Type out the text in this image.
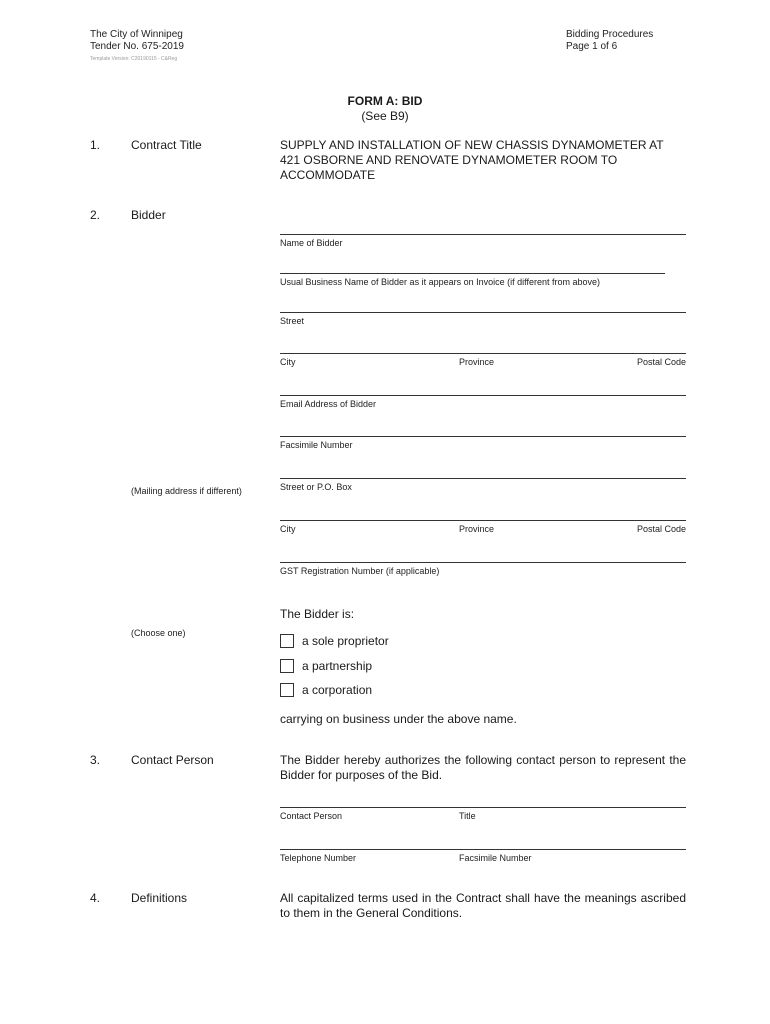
The City of Winnipeg
Tender No. 675-2019
Template Version: C20190115 - C&Reg
Bidding Procedures
Page 1 of 6
FORM A: BID
(See B9)
1.	Contract Title	SUPPLY AND INSTALLATION OF NEW CHASSIS DYNAMOMETER AT 421 OSBORNE AND RENOVATE DYNAMOMETER ROOM TO ACCOMMODATE
2.	Bidder
Name of Bidder
Usual Business Name of Bidder as it appears on Invoice (if different from above)
Street
City	Province	Postal Code
Email Address of Bidder
Facsimile Number
(Mailing address if different)	Street or P.O. Box
City	Province	Postal Code
GST Registration Number (if applicable)
The Bidder is:
(Choose one)
a sole proprietor
a partnership
a corporation
carrying on business under the above name.
3.	Contact Person	The Bidder hereby authorizes the following contact person to represent the Bidder for purposes of the Bid.
Contact Person	Title
Telephone Number	Facsimile Number
4.	Definitions	All capitalized terms used in the Contract shall have the meanings ascribed to them in the General Conditions.
